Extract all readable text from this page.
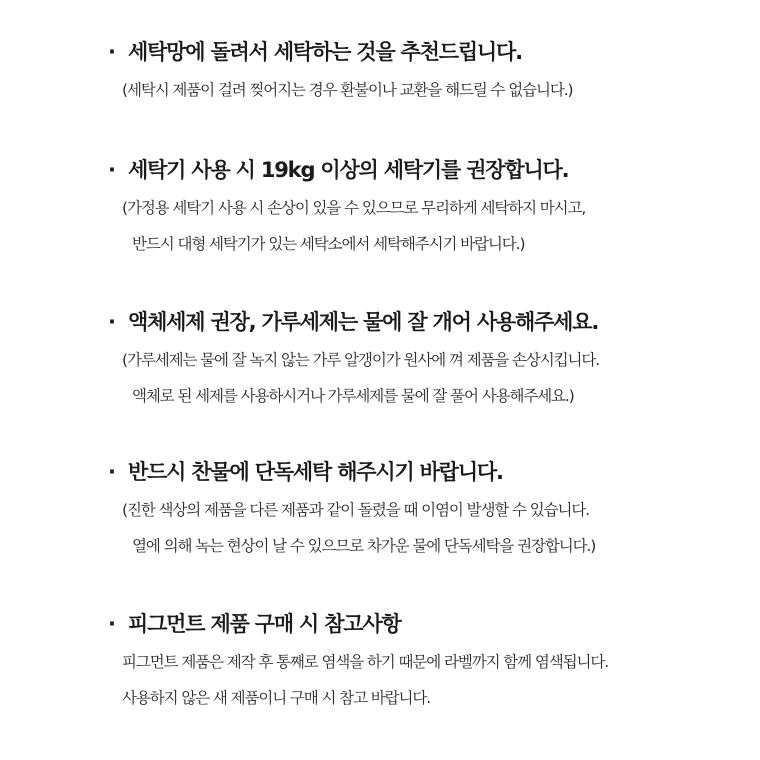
· 세탁망에 돌려서 세탁하는 것을 추천드립니다.
(세탁시 제품이 걸려 찢어지는 경우 환불이나 교환을 해드릴 수 없습니다.)
· 세탁기 사용 시 19kg 이상의 세탁기를 권장합니다.
(가정용 세탁기 사용 시 손상이 있을 수 있으므로 무리하게 세탁하지 마시고,
반드시 대형 세탁기가 있는 세탁소에서 세탁해주시기 바랍니다.)
· 액체세제 권장, 가루세제는 물에 잘 개어 사용해주세요.
(가루세제는 물에 잘 녹지 않는 가루 알갱이가 원사에 껴 제품을 손상시킵니다.
액체로 된 세제를 사용하시거나 가루세제를 물에 잘 풀어 사용해주세요.)
· 반드시 찬물에 단독세탁 해주시기 바랍니다.
(진한 색상의 제품을 다른 제품과 같이 돌렸을 때 이염이 발생할 수 있습니다.
열에 의해 녹는 현상이 날 수 있으므로 차가운 물에 단독세탁을 권장합니다.)
· 피그먼트 제품 구매 시 참고사항
피그먼트 제품은 제작 후 통째로 염색을 하기 때문에 라벨까지 함께 염색됩니다.
사용하지 않은 새 제품이니 구매 시 참고 바랍니다.
